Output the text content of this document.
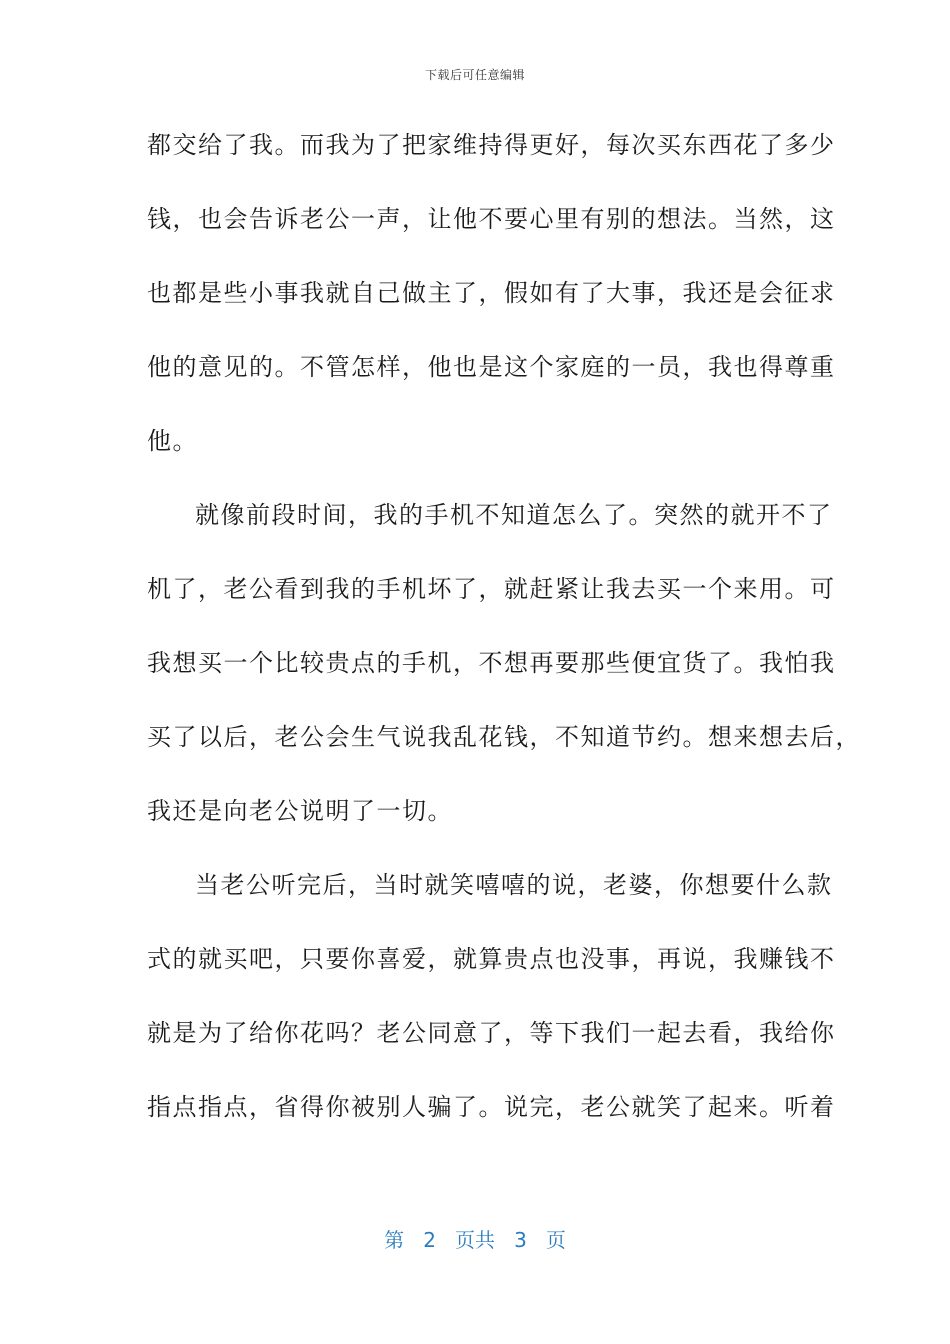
下载后可任意编辑
都交给了我。而我为了把家维持得更好，每次买东西花了多少
钱，也会告诉老公一声，让他不要心里有别的想法。当然，这
也都是些小事我就自己做主了，假如有了大事，我还是会征求
他的意见的。不管怎样，他也是这个家庭的一员，我也得尊重
他。
就像前段时间，我的手机不知道怎么了。突然的就开不了
机了，老公看到我的手机坏了，就赶紧让我去买一个来用。可
我想买一个比较贵点的手机，不想再要那些便宜货了。我怕我
买了以后，老公会生气说我乱花钱，不知道节约。想来想去后，
我还是向老公说明了一切。
当老公听完后，当时就笑嘻嘻的说，老婆，你想要什么款
式的就买吧，只要你喜爱，就算贵点也没事，再说，我赚钱不
就是为了给你花吗？老公同意了，等下我们一起去看，我给你
指点指点，省得你被别人骗了。说完，老公就笑了起来。听着
第 2 页共 3 页
